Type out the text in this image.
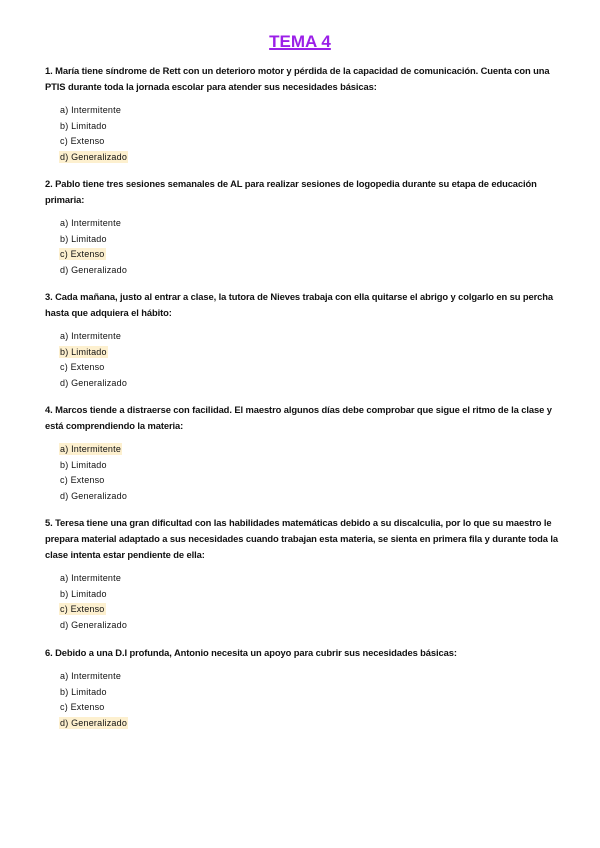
TEMA 4

1. María tiene síndrome de Rett con un deterioro motor y pérdida de la capacidad de comunicación. Cuenta con una PTIS durante toda la jornada escolar para atender sus necesidades básicas:

a) Intermitente
b) Limitado
c) Extenso
d) Generalizado

2. Pablo tiene tres sesiones semanales de AL para realizar sesiones de logopedia durante su etapa de educación primaria:

a) Intermitente
b) Limitado
c) Extenso
d) Generalizado

3. Cada mañana, justo al entrar a clase, la tutora de Nieves trabaja con ella quitarse el abrigo y colgarlo en su percha hasta que adquiera el hábito:

a) Intermitente
b) Limitado
c) Extenso
d) Generalizado

4. Marcos tiende a distraerse con facilidad. El maestro algunos días debe comprobar que sigue el ritmo de la clase y está comprendiendo la materia:

a) Intermitente
b) Limitado
c) Extenso
d) Generalizado

5. Teresa tiene una gran dificultad con las habilidades matemáticas debido a su discalculia, por lo que su maestro le prepara material adaptado a sus necesidades cuando trabajan esta materia, se sienta en primera fila y durante toda la clase intenta estar pendiente de ella:

a) Intermitente
b) Limitado
c) Extenso
d) Generalizado

6. Debido a una D.I profunda, Antonio necesita un apoyo para cubrir sus necesidades básicas:

a) Intermitente
b) Limitado
c) Extenso
d) Generalizado
